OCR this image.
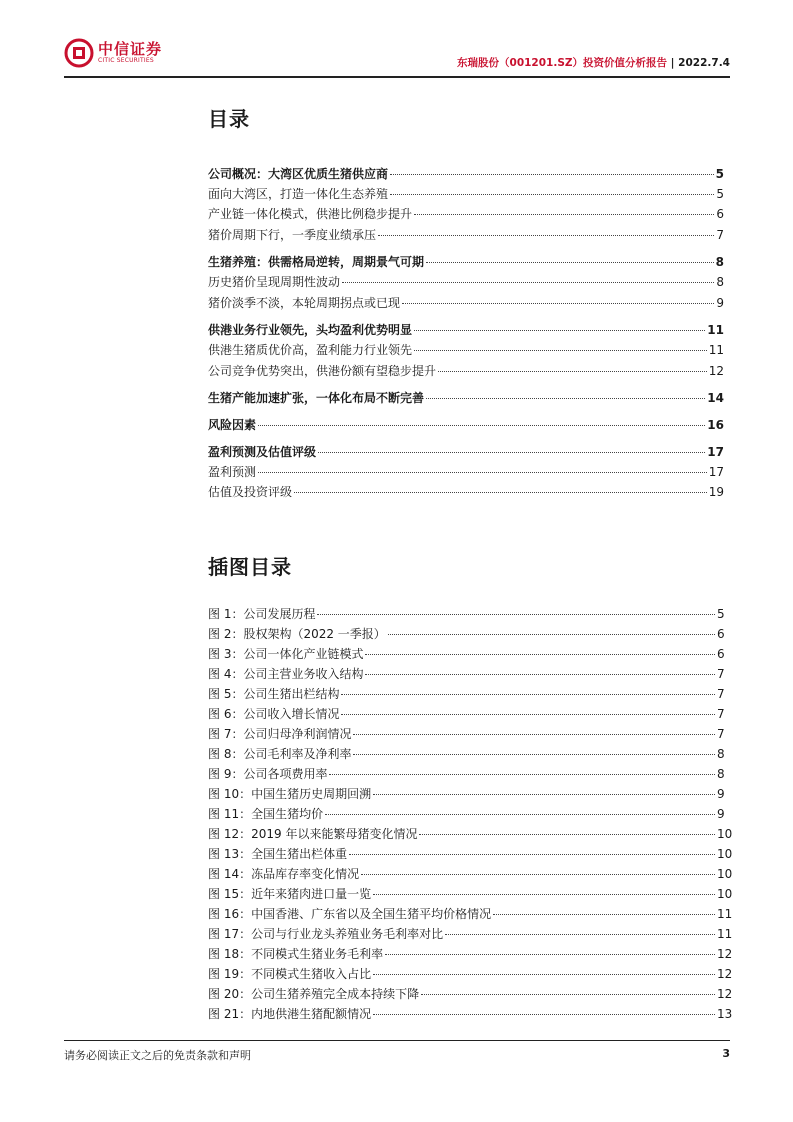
中信证券
CITIC SECURITIES	东瑞股份（001201.SZ）投资价值分析报告 | 2022.7.4
目录
公司概况：大湾区优质生猪供应商	5
面向大湾区，打造一体化生态养殖	5
产业链一体化模式，供港比例稳步提升	6
猪价周期下行，一季度业绩承压	7
生猪养殖：供需格局逆转，周期景气可期	8
历史猪价呈现周期性波动	8
猪价淡季不淡，本轮周期拐点或已现	9
供港业务行业领先，头均盈利优势明显	11
供港生猪质优价高，盈利能力行业领先	11
公司竞争优势突出，供港份额有望稳步提升	12
生猪产能加速扩张，一体化布局不断完善	14
风险因素	16
盈利预测及估值评级	17
盈利预测	17
估值及投资评级	19
插图目录
图 1：公司发展历程	5
图 2：股权架构（2022 一季报）	6
图 3：公司一体化产业链模式	6
图 4：公司主营业务收入结构	7
图 5：公司生猪出栏结构	7
图 6：公司收入增长情况	7
图 7：公司归母净利润情况	7
图 8：公司毛利率及净利率	8
图 9：公司各项费用率	8
图 10：中国生猪历史周期回溯	9
图 11：全国生猪均价	9
图 12：2019 年以来能繁母猪变化情况	10
图 13：全国生猪出栏体重	10
图 14：冻品库存率变化情况	10
图 15：近年来猪肉进口量一览	10
图 16：中国香港、广东省以及全国生猪平均价格情况	11
图 17：公司与行业龙头养殖业务毛利率对比	11
图 18：不同模式生猪业务毛利率	12
图 19：不同模式生猪收入占比	12
图 20：公司生猪养殖完全成本持续下降	12
图 21：内地供港生猪配额情况	13
请务必阅读正文之后的免责条款和声明	3
